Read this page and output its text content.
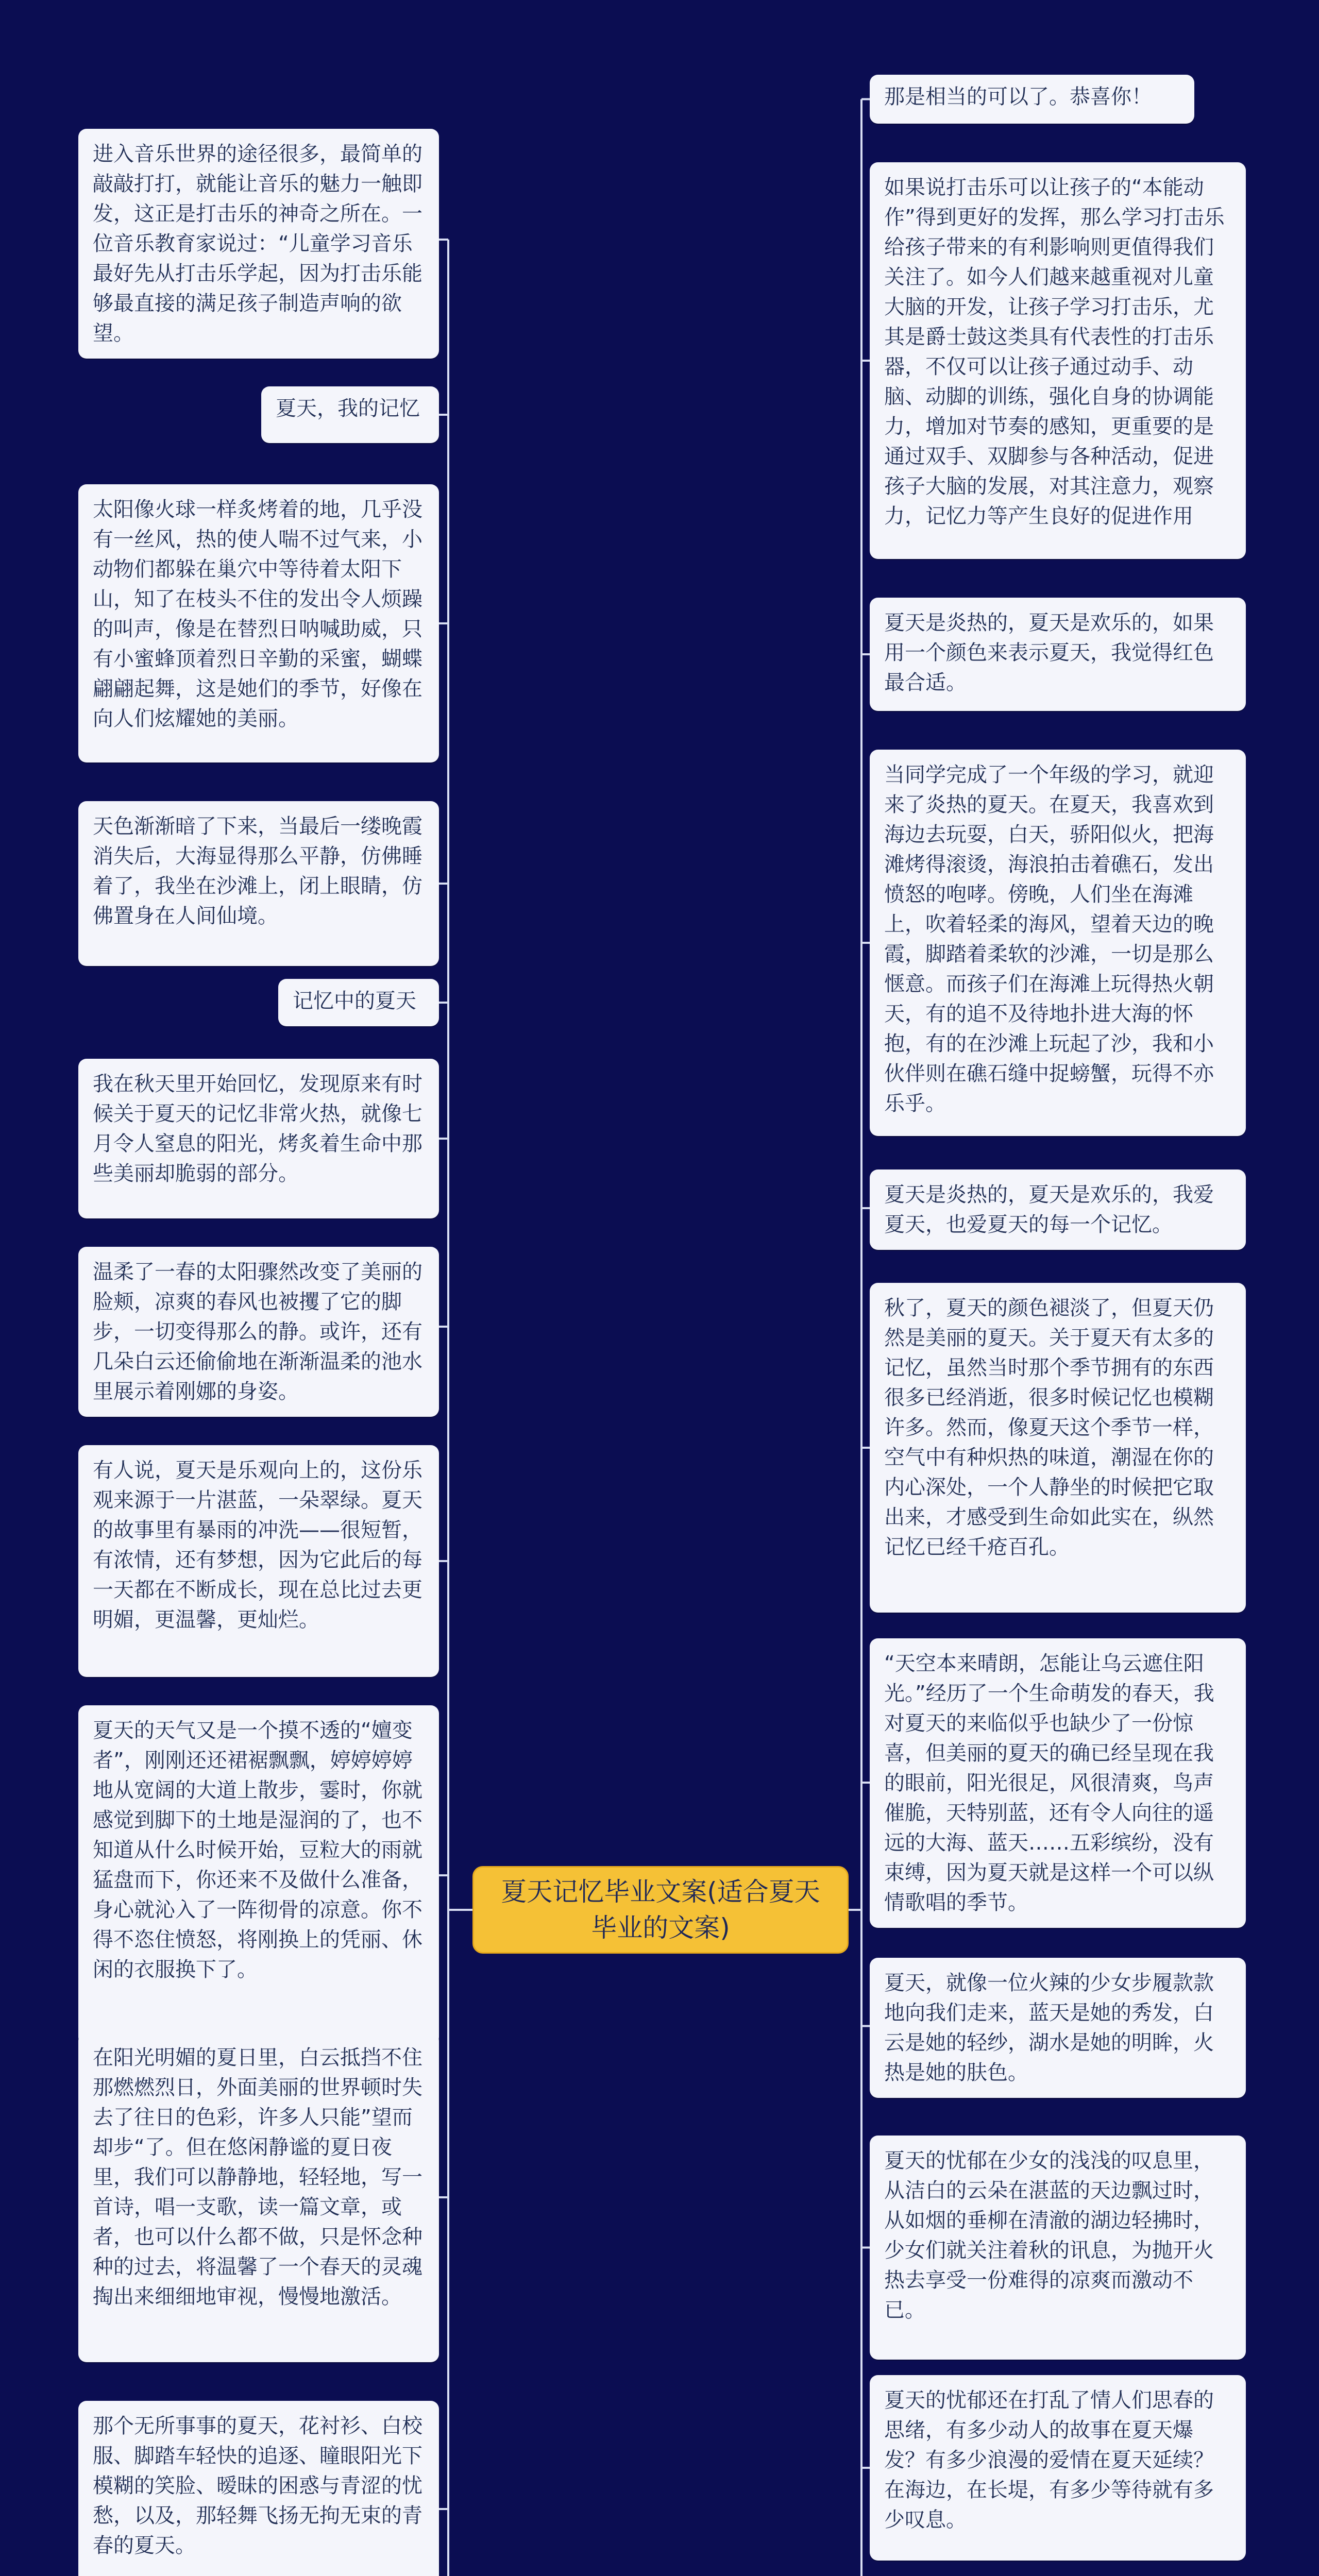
夏天记忆毕业文案(适合夏天毕业的文案)
进入音乐世界的途径很多，最简单的敲敲打打，就能让音乐的魅力一触即发，这正是打击乐的神奇之所在。一位音乐教育家说过：“儿童学习音乐最好先从打击乐学起，因为打击乐能够最直接的满足孩子制造声响的欲望。
夏天，我的记忆
太阳像火球一样炙烤着的地，几乎没有一丝风，热的使人喘不过气来，小动物们都躲在巢穴中等待着太阳下山，知了在枝头不住的发出令人烦躁的叫声，像是在替烈日呐喊助威，只有小蜜蜂顶着烈日辛勤的采蜜，蝴蝶翩翩起舞，这是她们的季节，好像在向人们炫耀她的美丽。
天色渐渐暗了下来，当最后一缕晚霞消失后，大海显得那么平静，仿佛睡着了，我坐在沙滩上，闭上眼睛，仿佛置身在人间仙境。
记忆中的夏天
我在秋天里开始回忆，发现原来有时候关于夏天的记忆非常火热，就像七月令人窒息的阳光，烤炙着生命中那些美丽却脆弱的部分。
温柔了一春的太阳骤然改变了美丽的脸颊，凉爽的春风也被攫了它的脚步，一切变得那么的静。或许，还有几朵白云还偷偷地在渐渐温柔的池水里展示着刚娜的身姿。
有人说，夏天是乐观向上的，这份乐观来源于一片湛蓝，一朵翠绿。夏天的故事里有暴雨的冲洗——很短暂，有浓情，还有梦想，因为它此后的每一天都在不断成长，现在总比过去更明媚，更温馨，更灿烂。
夏天的天气又是一个摸不透的“嬗变者”，刚刚还还裙裾飘飘，婷婷婷婷地从宽阔的大道上散步，霎时，你就感觉到脚下的土地是湿润的了，也不知道从什么时候开始，豆粒大的雨就猛盘而下，你还来不及做什么准备，身心就沁入了一阵彻骨的凉意。你不得不恣住愤怒，将刚换上的凭丽、休闲的衣服换下了。
在阳光明媚的夏日里，白云抵挡不住那燃燃烈日，外面美丽的世界顿时失去了往日的色彩，许多人只能”望而却步“了。但在悠闲静谧的夏日夜里，我们可以静静地，轻轻地，写一首诗，唱一支歌，读一篇文章，或者，也可以什么都不做，只是怀念种种的过去，将温馨了一个春天的灵魂掏出来细细地审视，慢慢地激活。
那个无所事事的夏天，花衬衫、白校服、脚踏车轻快的追逐、瞳眼阳光下模糊的笑脸、暧昧的困惑与青涩的忧愁，以及，那轻舞飞扬无拘无束的青春的夏天。
那是相当的可以了。恭喜你！
如果说打击乐可以让孩子的“本能动作”得到更好的发挥，那么学习打击乐给孩子带来的有利影响则更值得我们关注了。如今人们越来越重视对儿童大脑的开发，让孩子学习打击乐，尤其是爵士鼓这类具有代表性的打击乐器，不仅可以让孩子通过动手、动脑、动脚的训练，强化自身的协调能力，增加对节奏的感知，更重要的是通过双手、双脚参与各种活动，促进孩子大脑的发展，对其注意力，观察力，记忆力等产生良好的促进作用
夏天是炎热的，夏天是欢乐的，如果用一个颜色来表示夏天，我觉得红色最合适。
当同学完成了一个年级的学习，就迎来了炎热的夏天。在夏天，我喜欢到海边去玩耍，白天，骄阳似火，把海滩烤得滚烫，海浪拍击着礁石，发出愤怒的咆哮。傍晚，人们坐在海滩上，吹着轻柔的海风，望着天边的晚霞，脚踏着柔软的沙滩，一切是那么惬意。而孩子们在海滩上玩得热火朝天，有的追不及待地扑进大海的怀抱，有的在沙滩上玩起了沙，我和小伙伴则在礁石缝中捉螃蟹，玩得不亦乐乎。
夏天是炎热的，夏天是欢乐的，我爱夏天，也爱夏天的每一个记忆。
秋了，夏天的颜色褪淡了，但夏天仍然是美丽的夏天。关于夏天有太多的记忆，虽然当时那个季节拥有的东西很多已经消逝，很多时候记忆也模糊许多。然而，像夏天这个季节一样，空气中有种炽热的味道，潮湿在你的内心深处，一个人静坐的时候把它取出来，才感受到生命如此实在，纵然记忆已经千疮百孔。
“天空本来晴朗，怎能让乌云遮住阳光。”经历了一个生命萌发的春天，我对夏天的来临似乎也缺少了一份惊喜，但美丽的夏天的确已经呈现在我的眼前，阳光很足，风很清爽，鸟声催脆，天特别蓝，还有令人向往的遥远的大海、蓝天……五彩缤纷，没有束缚，因为夏天就是这样一个可以纵情歌唱的季节。
夏天，就像一位火辣的少女步履款款地向我们走来，蓝天是她的秀发，白云是她的轻纱，湖水是她的明眸，火热是她的肤色。
夏天的忧郁在少女的浅浅的叹息里，从洁白的云朵在湛蓝的天边飘过时，从如烟的垂柳在清澈的湖边轻拂时，少女们就关注着秋的讯息，为抛开火热去享受一份难得的凉爽而激动不已。
夏天的忧郁还在打乱了情人们思春的思绪，有多少动人的故事在夏天爆发？有多少浪漫的爱情在夏天延续？在海边，在长堤，有多少等待就有多少叹息。
